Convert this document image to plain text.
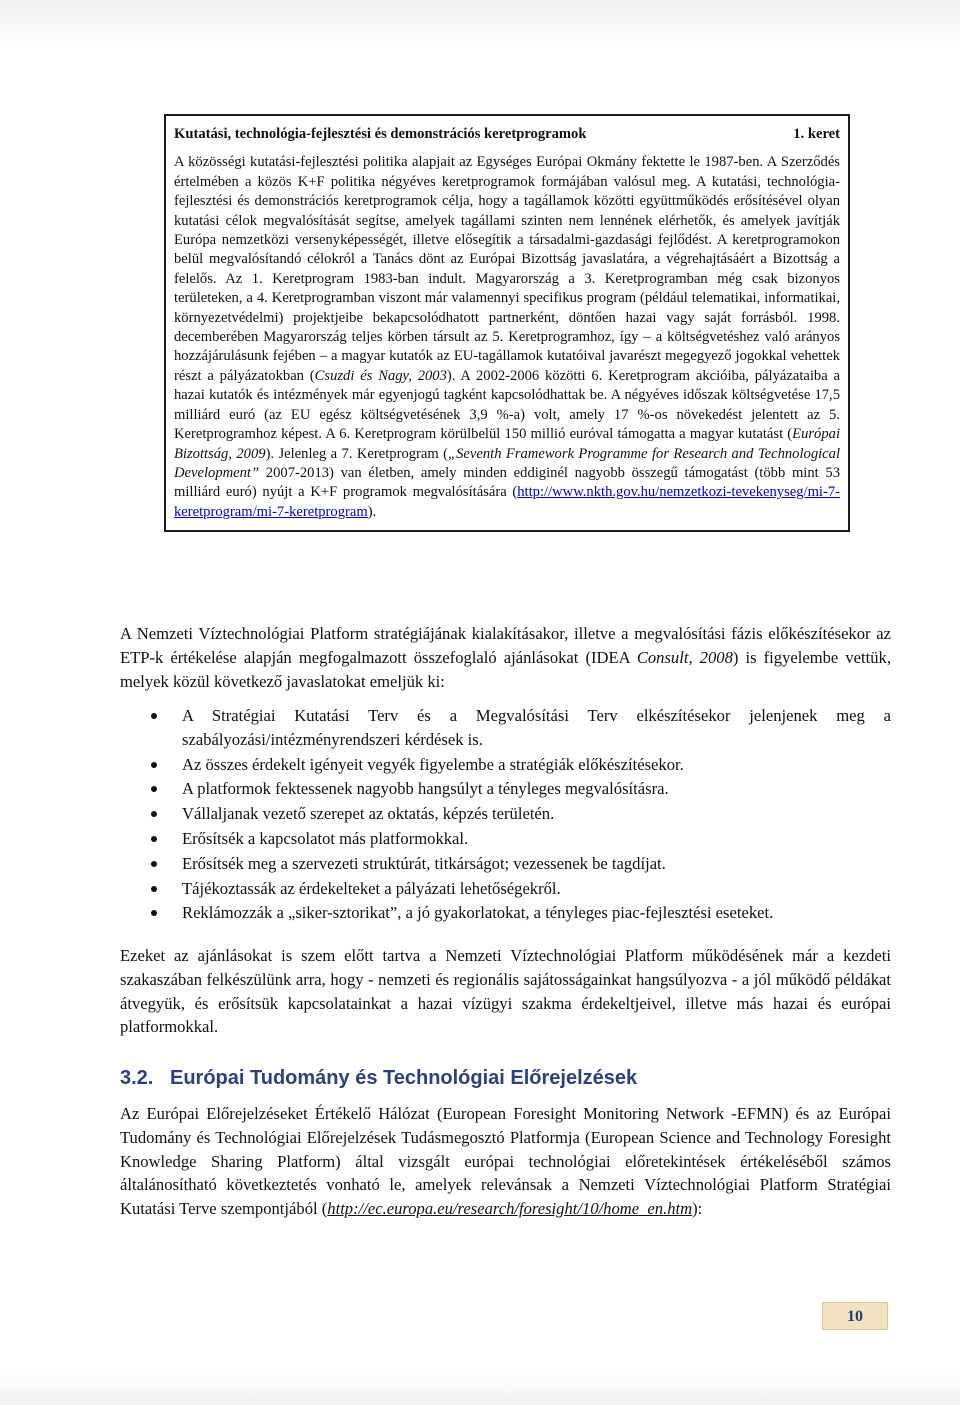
Kutatási, technológia-fejlesztési és demonstrációs keretprogramok	1. keret

A közösségi kutatási-fejlesztési politika alapjait az Egységes Európai Okmány fektette le 1987-ben. A Szerződés értelmében a közös K+F politika négyéves keretprogramok formájában valósul meg. A kutatási, technológia-fejlesztési és demonstrációs keretprogramok célja, hogy a tagállamok közötti együttműködés erősítésével olyan kutatási célok megvalósítását segítse, amelyek tagállami szinten nem lennének elérhetők, és amelyek javítják Európa nemzetközi versenyképességét, illetve elősegítik a társadalmi-gazdasági fejlődést. A keretprogramokon belül megvalósítandó célokról a Tanács dönt az Európai Bizottság javaslatára, a végrehajtásáért a Bizottság a felelős. Az 1. Keretprogram 1983-ban indult. Magyarország a 3. Keretprogramban még csak bizonyos területeken, a 4. Keretprogramban viszont már valamennyi specifikus program (például telematikai, informatikai, környezetvédelmi) projektjeibe bekapcsolódhatott partnerként, döntően hazai vagy saját forrásból. 1998. decemberében Magyarország teljes körben társult az 5. Keretprogramhoz, így – a költségvetéshez való arányos hozzájárulásunk fejében – a magyar kutatók az EU-tagállamok kutatóival javarészt megegyező jogokkal vehettek részt a pályázatokban (Csuzdi és Nagy, 2003). A 2002-2006 közötti 6. Keretprogram akcióiba, pályázataiba a hazai kutatók és intézmények már egyenjogú tagként kapcsolódhattak be. A négyéves időszak költségvetése 17,5 milliárd euró (az EU egész költségvetésének 3,9 %-a) volt, amely 17 %-os növekedést jelentett az 5. Keretprogramhoz képest. A 6. Keretprogram körülbelül 150 millió euróval támogatta a magyar kutatást (Európai Bizottság, 2009). Jelenleg a 7. Keretprogram („Seventh Framework Programme for Research and Technological Development” 2007-2013) van életben, amely minden eddiginél nagyobb összegű támogatást (több mint 53 milliárd euró) nyújt a K+F programok megvalósítására (http://www.nkth.gov.hu/nemzetkozi-tevekenyseg/mi-7-keretprogram/mi-7-keretprogram).

A Nemzeti Víztechnológiai Platform stratégiájának kialakításakor, illetve a megvalósítási fázis előkészítésekor az ETP-k értékelése alapján megfogalmazott összefoglaló ajánlásokat (IDEA Consult, 2008) is figyelembe vettük, melyek közül következő javaslatokat emeljük ki:

A Stratégiai Kutatási Terv és a Megvalósítási Terv elkészítésekor jelenjenek meg a szabályozási/intézményrendszeri kérdések is.
Az összes érdekelt igényeit vegyék figyelembe a stratégiák előkészítésekor.
A platformok fektessenek nagyobb hangsúlyt a tényleges megvalósításra.
Vállaljanak vezető szerepet az oktatás, képzés területén.
Erősítsék a kapcsolatot más platformokkal.
Erősítsék meg a szervezeti struktúrát, titkárságot; vezessenek be tagdíjat.
Tájékoztassák az érdekelteket a pályázati lehetőségekről.
Reklámozzák a „siker-sztorikat”, a jó gyakorlatokat, a tényleges piac-fejlesztési eseteket.

Ezeket az ajánlásokat is szem előtt tartva a Nemzeti Víztechnológiai Platform működésének már a kezdeti szakaszában felkészülünk arra, hogy - nemzeti és regionális sajátosságainkat hangsúlyozva - a jól működő példákat átvegyük, és erősítsük kapcsolatainkat a hazai vízügyi szakma érdekeltjeivel, illetve más hazai és európai platformokkal.

3.2. Európai Tudomány és Technológiai Előrejelzések

Az Európai Előrejelzéseket Értékelő Hálózat (European Foresight Monitoring Network -EFMN) és az Európai Tudomány és Technológiai Előrejelzések Tudásmegosztó Platformja (European Science and Technology Foresight Knowledge Sharing Platform) által vizsgált európai technológiai előretekintések értékeléséből számos általánosítható következtetés vonható le, amelyek relevánsak a Nemzeti Víztechnológiai Platform Stratégiai Kutatási Terve szempontjából (http://ec.europa.eu/research/foresight/10/home_en.htm):

10
